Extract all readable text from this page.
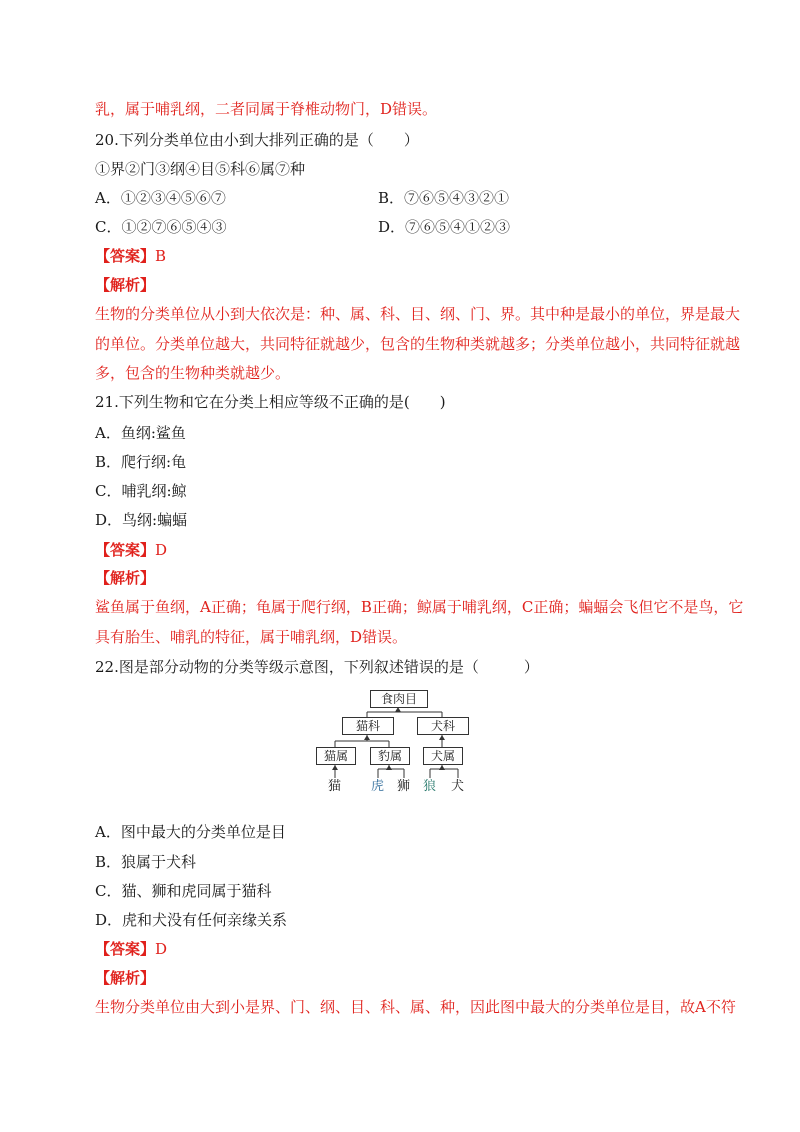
乳，属于哺乳纲，二者同属于脊椎动物门，D错误。
20.下列分类单位由小到大排列正确的是（　　）
①界②门③纲④目⑤科⑥属⑦种
A．①②③④⑤⑥⑦	B．⑦⑥⑤④③②①
C．①②⑦⑥⑤④③	D．⑦⑥⑤④①②③
【答案】B
【解析】
生物的分类单位从小到大依次是：种、属、科、目、纲、门、界。其中种是最小的单位，界是最大
的单位。分类单位越大，共同特征就越少，包含的生物种类就越多；分类单位越小，共同特征就越
多，包含的生物种类就越少。
21.下列生物和它在分类上相应等级不正确的是(　　)
A．鱼纲:鲨鱼
B．爬行纲:龟
C．哺乳纲:鲸
D．鸟纲:蝙蝠
【答案】D
【解析】
鲨鱼属于鱼纲，A正确；龟属于爬行纲，B正确；鲸属于哺乳纲，C正确；蝙蝠会飞但它不是鸟，它
具有胎生、哺乳的特征，属于哺乳纲，D错误。
22.图是部分动物的分类等级示意图，下列叙述错误的是（　　　）
食肉目
猫科	犬科
猫属	豹属	犬属
猫 虎 狮 狼 犬
A．图中最大的分类单位是目
B．狼属于犬科
C．猫、狮和虎同属于猫科
D．虎和犬没有任何亲缘关系
【答案】D
【解析】
生物分类单位由大到小是界、门、纲、目、科、属、种，因此图中最大的分类单位是目，故A不符
